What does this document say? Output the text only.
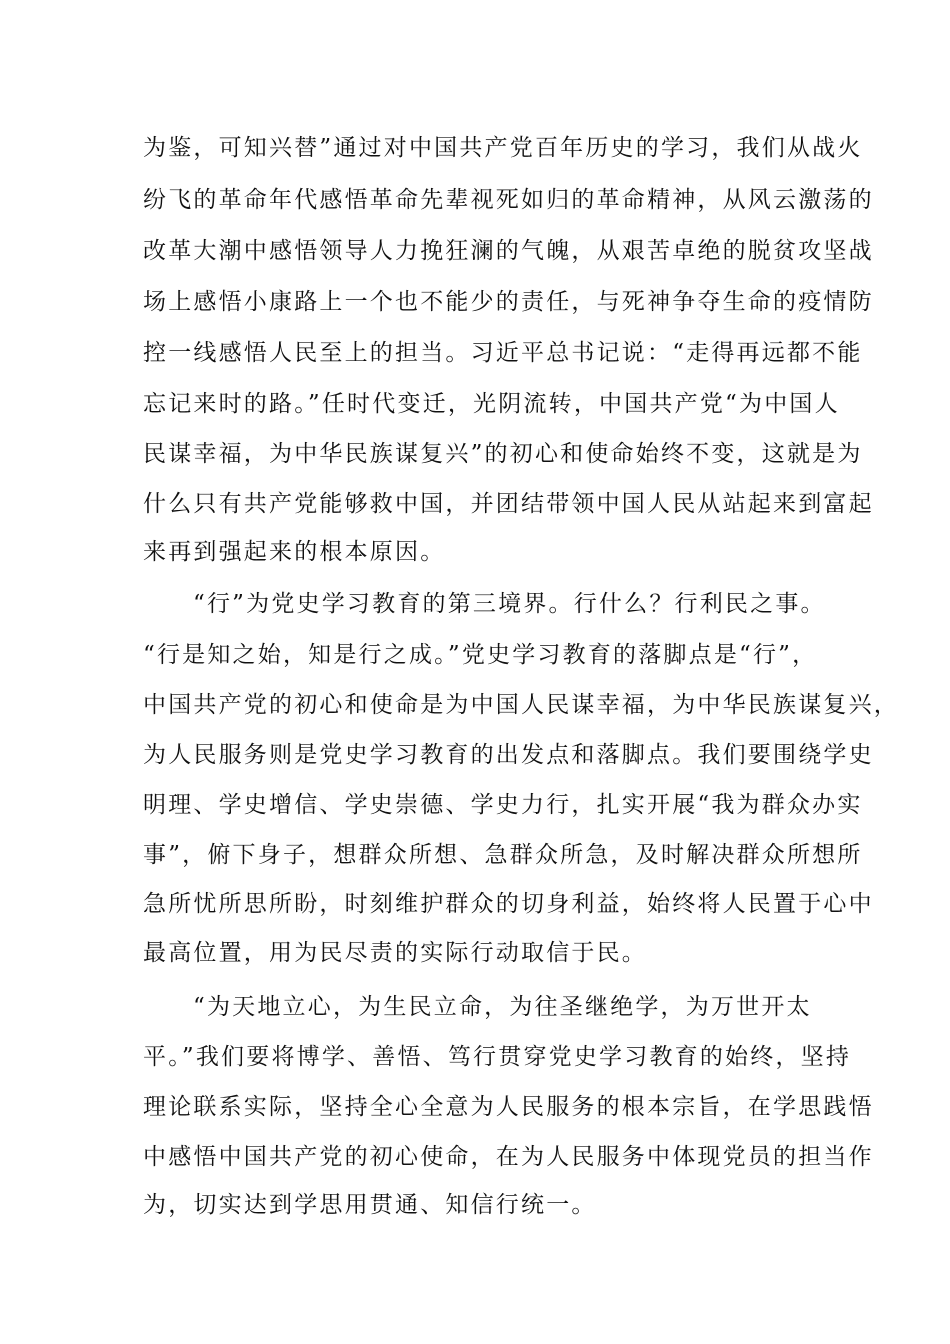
为鉴，可知兴替”通过对中国共产党百年历史的学习，我们从战火
纷飞的革命年代感悟革命先辈视死如归的革命精神，从风云激荡的
改革大潮中感悟领导人力挽狂澜的气魄，从艰苦卓绝的脱贫攻坚战
场上感悟小康路上一个也不能少的责任，与死神争夺生命的疫情防
控一线感悟人民至上的担当。习近平总书记说：“走得再远都不能
忘记来时的路。”任时代变迁，光阴流转，中国共产党“为中国人
民谋幸福，为中华民族谋复兴”的初心和使命始终不变，这就是为
什么只有共产党能够救中国，并团结带领中国人民从站起来到富起
来再到强起来的根本原因。
“行”为党史学习教育的第三境界。行什么？行利民之事。
“行是知之始，知是行之成。”党史学习教育的落脚点是“行”，
中国共产党的初心和使命是为中国人民谋幸福，为中华民族谋复兴，
为人民服务则是党史学习教育的出发点和落脚点。我们要围绕学史
明理、学史增信、学史崇德、学史力行，扎实开展“我为群众办实
事”，俯下身子，想群众所想、急群众所急，及时解决群众所想所
急所忧所思所盼，时刻维护群众的切身利益，始终将人民置于心中
最高位置，用为民尽责的实际行动取信于民。
“为天地立心，为生民立命，为往圣继绝学，为万世开太
平。”我们要将博学、善悟、笃行贯穿党史学习教育的始终，坚持
理论联系实际，坚持全心全意为人民服务的根本宗旨，在学思践悟
中感悟中国共产党的初心使命，在为人民服务中体现党员的担当作
为，切实达到学思用贯通、知信行统一。
